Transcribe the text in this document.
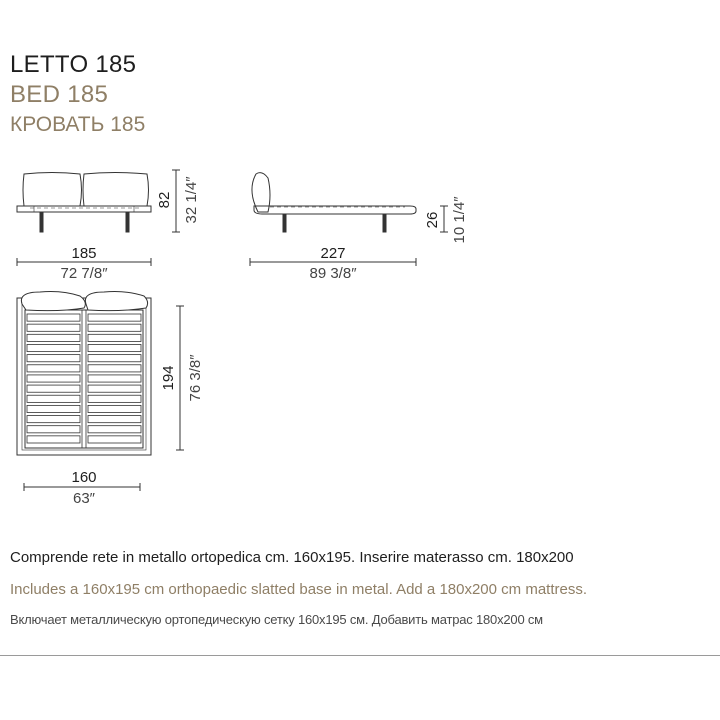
LETTO 185
BED 185
КРОВАТЬ 185
185
72 7/8″
82 32 1/4″
227
89 3/8″
26 10 1/4″
160
63″
194 76 3/8″
Comprende rete in metallo ortopedica cm. 160x195. Inserire materasso cm. 180x200
Includes a 160x195 cm orthopaedic slatted base in metal. Add a 180x200 cm mattress.
Включает металлическую ортопедическую сетку 160x195 см. Добавить матрас 180x200 см
